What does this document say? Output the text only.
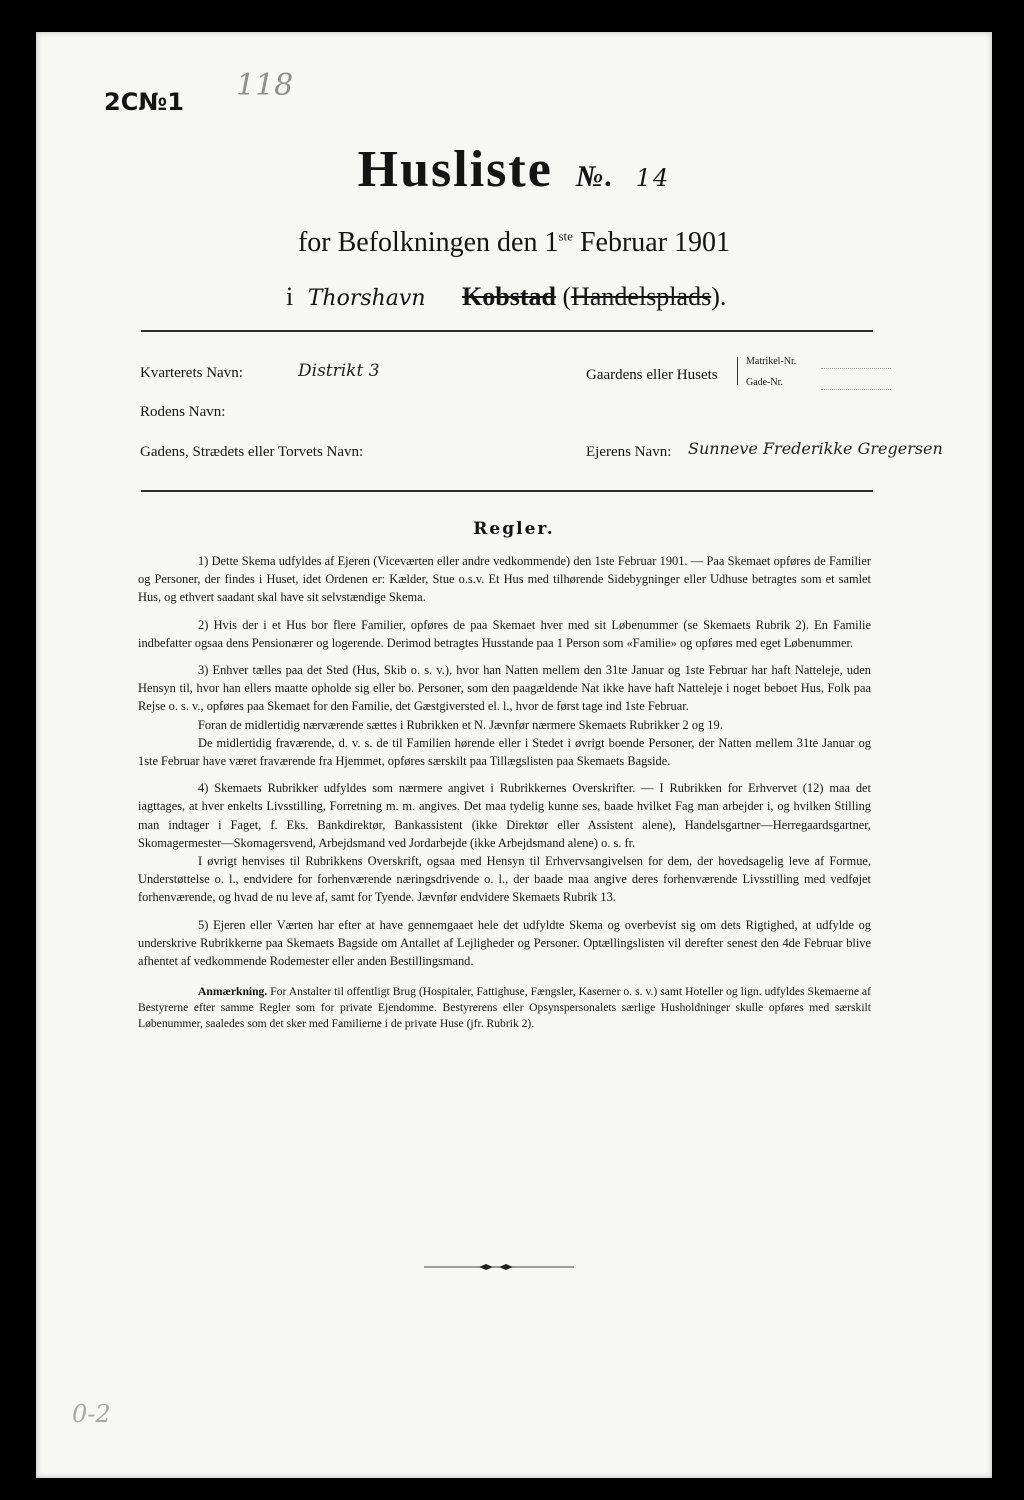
2C№1 118
Husliste №. 14
for Befolkningen den 1ste Februar 1901
i Thorshavn Kobstad (Handelsplads).
Kvarterets Navn:	Distrikt 3	Gaardens eller Husets
Matrikel-Nr.
Gade-Nr.
Rodens Navn:
Gadens, Strædets eller Torvets Navn:	Ejerens Navn: Sunneve Frederikke Gregersen
Regler.

1) Dette Skema udfyldes af Ejeren (Viceværten eller andre vedkommende) den 1ste Februar 1901. — Paa Skemaet opføres de Familier og Personer, der findes i Huset, idet Ordenen er: Kælder, Stue o.s.v. Et Hus med tilhørende Sidebygninger eller Udhuse betragtes som et samlet Hus, og ethvert saadant skal have sit selvstændige Skema.

2) Hvis der i et Hus bor flere Familier, opføres de paa Skemaet hver med sit Løbenummer (se Skemaets Rubrik 2). En Familie indbefatter ogsaa dens Pensionærer og logerende. Derimod betragtes Husstande paa 1 Person som «Familie» og opføres med eget Løbenummer.

3) Enhver tælles paa det Sted (Hus, Skib o. s. v.), hvor han Natten mellem den 31te Januar og 1ste Februar har haft Natteleje, uden Hensyn til, hvor han ellers maatte opholde sig eller bo. Personer, som den paagældende Nat ikke have haft Natteleje i noget beboet Hus, Folk paa Rejse o. s. v., opføres paa Skemaet for den Familie, det Gæstgiversted el. l., hvor de først tage ind 1ste Februar.

Foran de midlertidig nærværende sættes i Rubrikken et N. Jævnfør nærmere Skemaets Rubrikker 2 og 19.

De midlertidig fraværende, d. v. s. de til Familien hørende eller i Stedet i øvrigt boende Personer, der Natten mellem 31te Januar og 1ste Februar have været fraværende fra Hjemmet, opføres særskilt paa Tillægslisten paa Skemaets Bagside.

4) Skemaets Rubrikker udfyldes som nærmere angivet i Rubrikkernes Overskrifter. — I Rubrikken for Erhvervet (12) maa det iagttages, at hver enkelts Livsstilling, Forretning m. m. angives. Det maa tydelig kunne ses, baade hvilket Fag man arbejder i, og hvilken Stilling man indtager i Faget, f. Eks. Bankdirektør, Bankassistent (ikke Direktør eller Assistent alene), Handelsgartner—Herregaardsgartner, Skomagermester—Skomagersvend, Arbejdsmand ved Jordarbejde (ikke Arbejdsmand alene) o. s. fr.

I øvrigt henvises til Rubrikkens Overskrift, ogsaa med Hensyn til Erhvervsangivelsen for dem, der hovedsagelig leve af Formue, Understøttelse o. l., endvidere for forhenværende næringsdrivende o. l., der baade maa angive deres forhenværende Livsstilling med vedføjet forhenværende, og hvad de nu leve af, samt for Tyende. Jævnfør endvidere Skemaets Rubrik 13.

5) Ejeren eller Værten har efter at have gennemgaaet hele det udfyldte Skema og overbevist sig om dets Rigtighed, at udfylde og underskrive Rubrikkerne paa Skemaets Bagside om Antallet af Lejligheder og Personer. Optællingslisten vil derefter senest den 4de Februar blive afhentet af vedkommende Rodemester eller anden Bestillingsmand.

Anmærkning. For Anstalter til offentligt Brug (Hospitaler, Fattighuse, Fængsler, Kaserner o. s. v.) samt Hoteller og lign. udfyldes Skemaerne af Bestyrerne efter samme Regler som for private Ejendomme. Bestyrerens eller Opsynspersonalets særlige Husholdninger skulle opføres med særskilt Løbenummer, saaledes som det sker med Familierne i de private Huse (jfr. Rubrik 2).

0-2
